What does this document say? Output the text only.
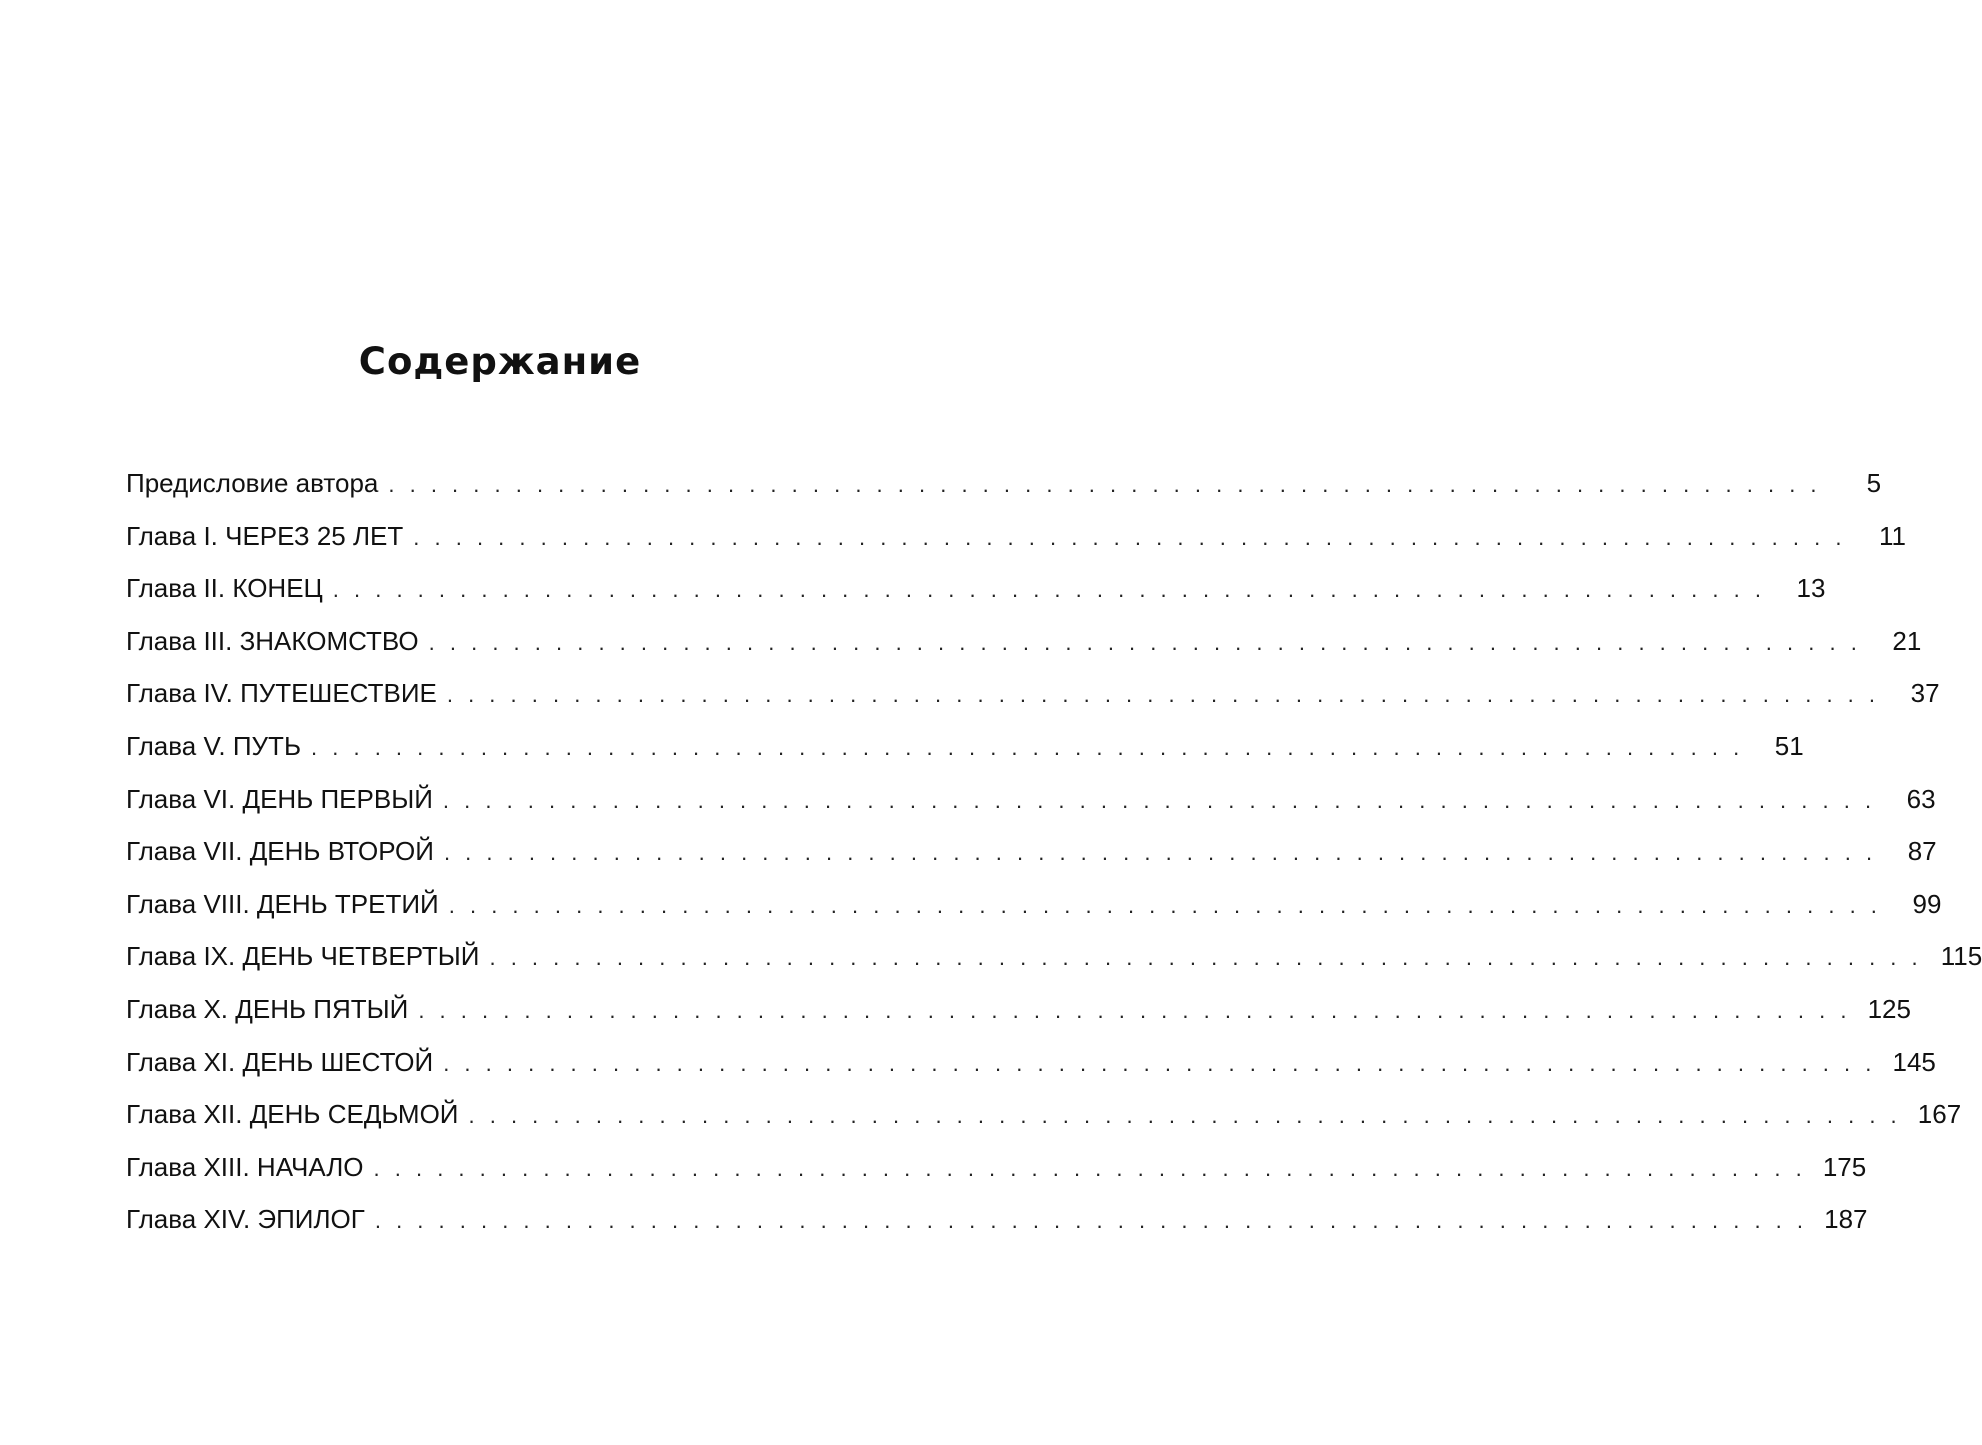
Содержание
Предисловие автора . . . . . . . . . . . . . . . . . . . . . . . . . . . . . . . . . . . . . . . . . . . . . . . . . . . . . . . . . . . . . . . . . . . .	5
Глава I. ЧЕРЕЗ 25 ЛЕТ . . . . . . . . . . . . . . . . . . . . . . . . . . . . . . . . . . . . . . . . . . . . . . . . . . . . . . . . . . . . . . . . . . . .	11
Глава II. КОНЕЦ . . . . . . . . . . . . . . . . . . . . . . . . . . . . . . . . . . . . . . . . . . . . . . . . . . . . . . . . . . . . . . . . . . . .	13
Глава III. ЗНАКОМСТВО . . . . . . . . . . . . . . . . . . . . . . . . . . . . . . . . . . . . . . . . . . . . . . . . . . . . . . . . . . . . . . . . . . . .	21
Глава IV. ПУТЕШЕСТВИЕ . . . . . . . . . . . . . . . . . . . . . . . . . . . . . . . . . . . . . . . . . . . . . . . . . . . . . . . . . . . . . . . . . . . .	37
Глава V. ПУТЬ . . . . . . . . . . . . . . . . . . . . . . . . . . . . . . . . . . . . . . . . . . . . . . . . . . . . . . . . . . . . . . . . . . . .	51
Глава VI. ДЕНЬ ПЕРВЫЙ . . . . . . . . . . . . . . . . . . . . . . . . . . . . . . . . . . . . . . . . . . . . . . . . . . . . . . . . . . . . . . . . . . . .	63
Глава VII. ДЕНЬ ВТОРОЙ . . . . . . . . . . . . . . . . . . . . . . . . . . . . . . . . . . . . . . . . . . . . . . . . . . . . . . . . . . . . . . . . . . . .	87
Глава VIII. ДЕНЬ ТРЕТИЙ . . . . . . . . . . . . . . . . . . . . . . . . . . . . . . . . . . . . . . . . . . . . . . . . . . . . . . . . . . . . . . . . . . . .	99
Глава IX. ДЕНЬ ЧЕТВЕРТЫЙ . . . . . . . . . . . . . . . . . . . . . . . . . . . . . . . . . . . . . . . . . . . . . . . . . . . . . . . . . . . . . . . . . . . . 115
Глава X. ДЕНЬ ПЯТЫЙ . . . . . . . . . . . . . . . . . . . . . . . . . . . . . . . . . . . . . . . . . . . . . . . . . . . . . . . . . . . . . . . . . . . . 125
Глава XI. ДЕНЬ ШЕСТОЙ . . . . . . . . . . . . . . . . . . . . . . . . . . . . . . . . . . . . . . . . . . . . . . . . . . . . . . . . . . . . . . . . . . . . 145
Глава XII. ДЕНЬ СЕДЬМОЙ . . . . . . . . . . . . . . . . . . . . . . . . . . . . . . . . . . . . . . . . . . . . . . . . . . . . . . . . . . . . . . . . . . . . 167
Глава XIII. НАЧАЛО . . . . . . . . . . . . . . . . . . . . . . . . . . . . . . . . . . . . . . . . . . . . . . . . . . . . . . . . . . . . . . . . . . . . 175
Глава XIV. ЭПИЛОГ . . . . . . . . . . . . . . . . . . . . . . . . . . . . . . . . . . . . . . . . . . . . . . . . . . . . . . . . . . . . . . . . . . . . 187
